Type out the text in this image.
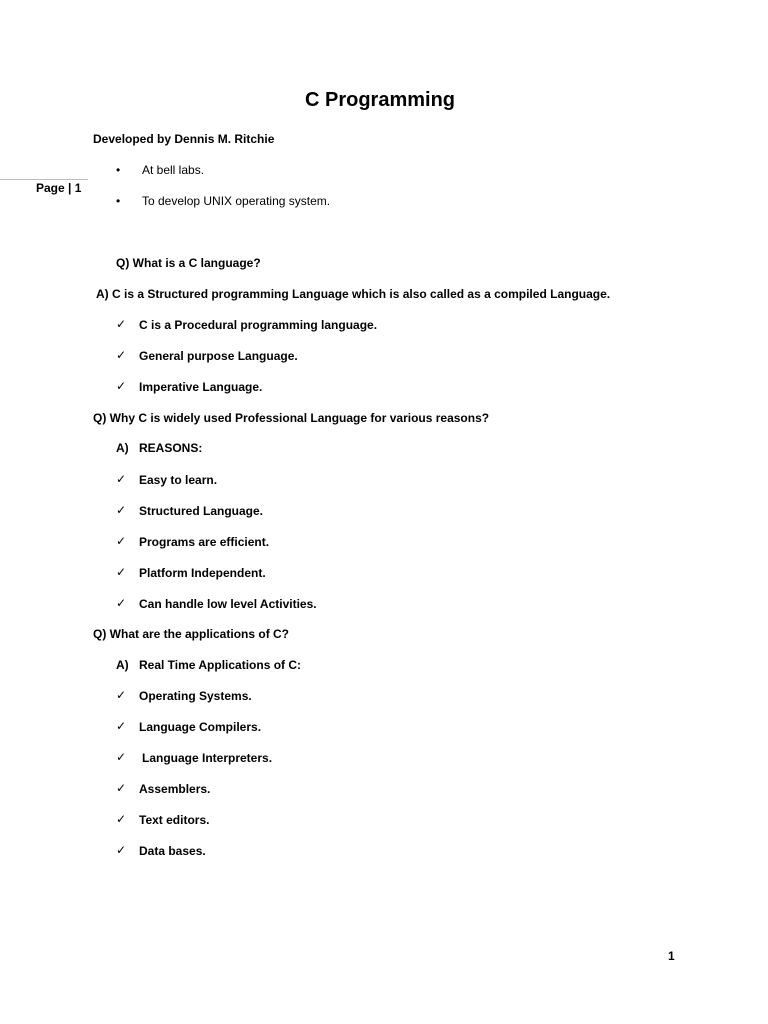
C Programming
Developed by Dennis M. Ritchie
Page | 1
• At bell labs.
• To develop UNIX operating system.
Q) What is a C language?
A) C is a Structured programming Language which is also called as a compiled Language.
✓ C is a Procedural programming language.
✓ General purpose Language.
✓ Imperative Language.
Q) Why C is widely used Professional Language for various reasons?
A) REASONS:
✓ Easy to learn.
✓ Structured Language.
✓ Programs are efficient.
✓ Platform Independent.
✓ Can handle low level Activities.
Q) What are the applications of C?
A) Real Time Applications of C:
✓ Operating Systems.
✓ Language Compilers.
✓ Language Interpreters.
✓ Assemblers.
✓ Text editors.
✓ Data bases.
1
